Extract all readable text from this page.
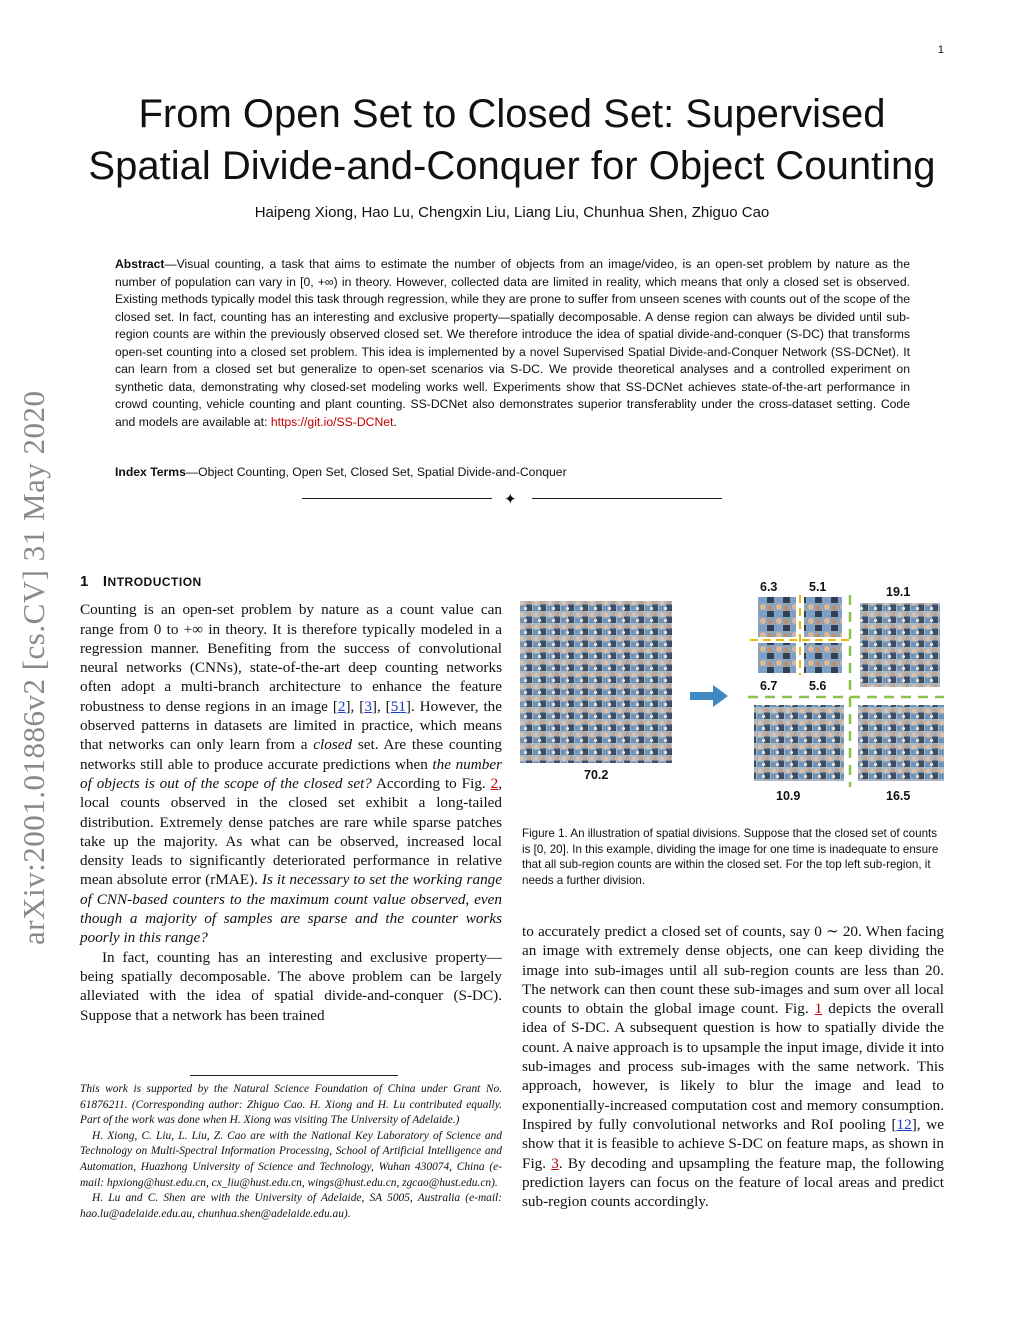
1
arXiv:2001.01886v2 [cs.CV] 31 May 2020
From Open Set to Closed Set: Supervised
Spatial Divide-and-Conquer for Object Counting
Haipeng Xiong, Hao Lu, Chengxin Liu, Liang Liu, Chunhua Shen, Zhiguo Cao
Abstract—Visual counting, a task that aims to estimate the number of objects from an image/video, is an open-set problem by nature as the number of population can vary in [0, +∞) in theory. However, collected data are limited in reality, which means that only a closed set is observed. Existing methods typically model this task through regression, while they are prone to suffer from unseen scenes with counts out of the scope of the closed set. In fact, counting has an interesting and exclusive property—spatially decomposable. A dense region can always be divided until sub-region counts are within the previously observed closed set. We therefore introduce the idea of spatial divide-and-conquer (S-DC) that transforms open-set counting into a closed set problem. This idea is implemented by a novel Supervised Spatial Divide-and-Conquer Network (SS-DCNet). It can learn from a closed set but generalize to open-set scenarios via S-DC. We provide theoretical analyses and a controlled experiment on synthetic data, demonstrating why closed-set modeling works well. Experiments show that SS-DCNet achieves state-of-the-art performance in crowd counting, vehicle counting and plant counting. SS-DCNet also demonstrates superior transferablity under the cross-dataset setting. Code and models are available at: https://git.io/SS-DCNet.
Index Terms—Object Counting, Open Set, Closed Set, Spatial Divide-and-Conquer
✦
1 INTRODUCTION

Counting is an open-set problem by nature as a count value can range from 0 to +∞ in theory. It is therefore typically modeled in a regression manner. Benefiting from the success of convolutional neural networks (CNNs), state-of-the-art deep counting networks often adopt a multi-branch architecture to enhance the feature robustness to dense regions in an image [2], [3], [51]. However, the observed patterns in datasets are limited in practice, which means that networks can only learn from a closed set. Are these counting networks still able to produce accurate predictions when the number of objects is out of the scope of the closed set? According to Fig. 2, local counts observed in the closed set exhibit a long-tailed distribution. Extremely dense patches are rare while sparse patches take up the majority. As what can be observed, increased local density leads to significantly deteriorated performance in relative mean absolute error (rMAE). Is it necessary to set the working range of CNN-based counters to the maximum count value observed, even though a majority of samples are sparse and the counter works poorly in this range?

In fact, counting has an interesting and exclusive property—being spatially decomposable. The above problem can be largely alleviated with the idea of spatial divide-and-conquer (S-DC). Suppose that a network has been trained

This work is supported by the Natural Science Foundation of China under Grant No. 61876211. (Corresponding author: Zhiguo Cao. H. Xiong and H. Lu contributed equally. Part of the work was done when H. Xiong was visiting The University of Adelaide.)

H. Xiong, C. Liu, L. Liu, Z. Cao are with the National Key Laboratory of Science and Technology on Multi-Spectral Information Processing, School of Artificial Intelligence and Automation, Huazhong University of Science and Technology, Wuhan 430074, China (e-mail: hpxiong@hust.edu.cn, cx_liu@hust.edu.cn, wings@hust.edu.cn, zgcao@hust.edu.cn).

H. Lu and C. Shen are with the University of Adelaide, SA 5005, Australia (e-mail: hao.lu@adelaide.edu.au, chunhua.shen@adelaide.edu.au).

70.2
6.3	5.1
6.7	5.6
19.1
10.9	16.5
Figure 1. An illustration of spatial divisions. Suppose that the closed set of counts is [0, 20]. In this example, dividing the image for one time is inadequate to ensure that all sub-region counts are within the closed set. For the top left sub-region, it needs a further division.

to accurately predict a closed set of counts, say 0 ∼ 20. When facing an image with extremely dense objects, one can keep dividing the image into sub-images until all sub-region counts are less than 20. The network can then count these sub-images and sum over all local counts to obtain the global image count. Fig. 1 depicts the overall idea of S-DC. A subsequent question is how to spatially divide the count. A naive approach is to upsample the input image, divide it into sub-images and process sub-images with the same network. This approach, however, is likely to blur the image and lead to exponentially-increased computation cost and memory consumption. Inspired by fully convolutional networks and RoI pooling [12], we show that it is feasible to achieve S-DC on feature maps, as shown in Fig. 3. By decoding and upsampling the feature map, the following prediction layers can focus on the feature of local areas and predict sub-region counts accordingly.
